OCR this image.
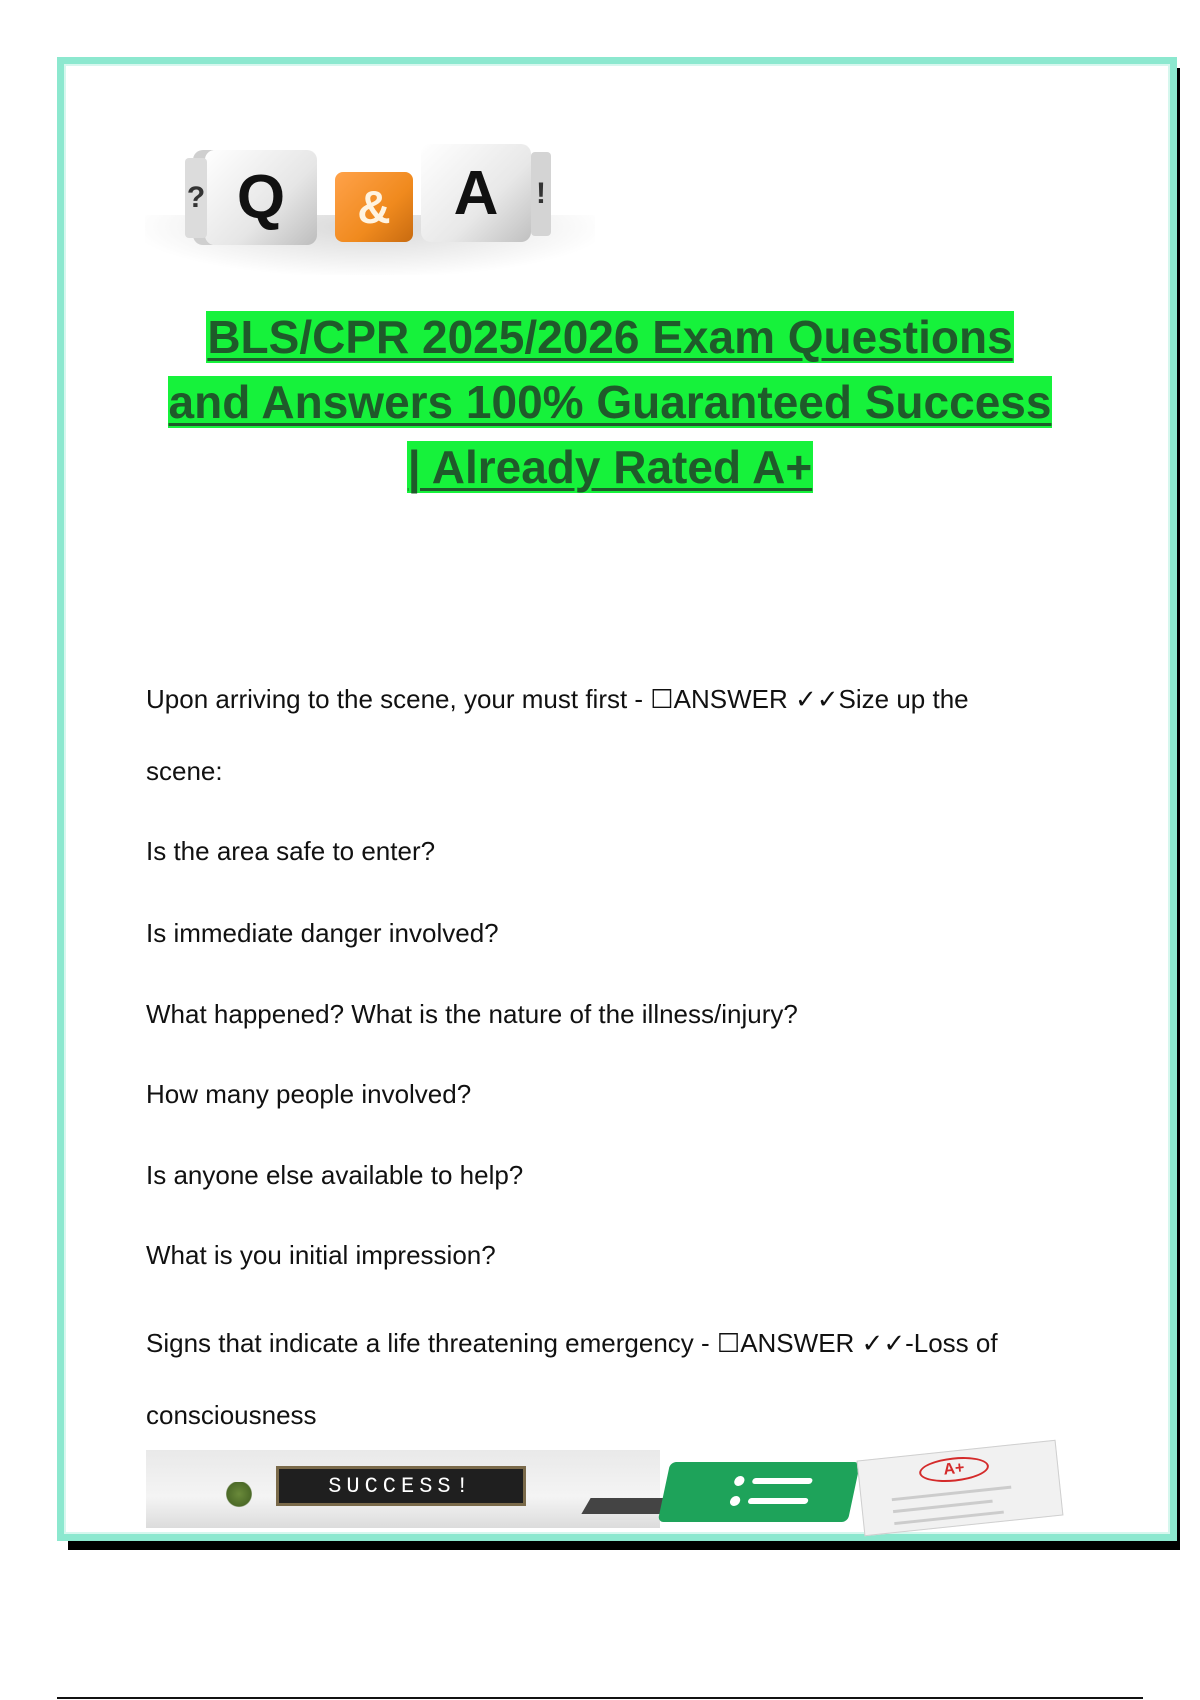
Q
?	& A !
BLS/CPR 2025/2026 Exam Questions
and Answers 100% Guaranteed Success
| Already Rated A+
Upon arriving to the scene, your must first - ☐ANSWER ✓✓Size up the
scene:
Is the area safe to enter?
Is immediate danger involved?
What happened? What is the nature of the illness/injury?
How many people involved?
Is anyone else available to help?
What is you initial impression?
Signs that indicate a life threatening emergency - ☐ANSWER ✓✓-Loss of
consciousness
SUCCESS!
A+
